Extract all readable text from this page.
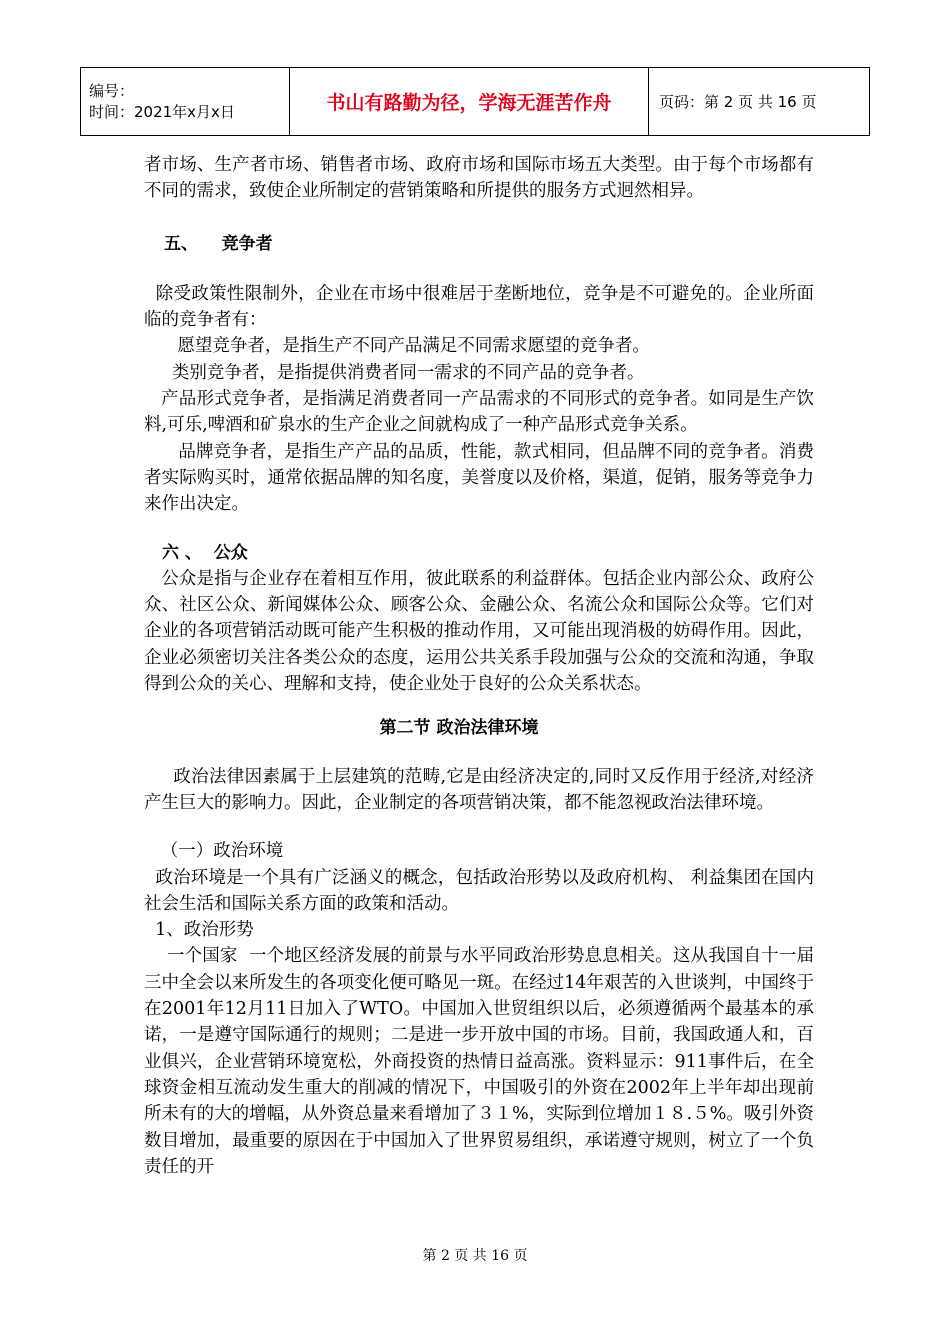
编号：
时间：2021年x月x日	书山有路勤为径，学海无涯苦作舟	页码：第 2 页 共 16 页

者市场、生产者市场、销售者市场、政府市场和国际市场五大类型。由于每个市场都有不同的需求，致使企业所制定的营销策略和所提供的服务方式迥然相异。

五、    竞争者

除受政策性限制外，企业在市场中很难居于垄断地位，竞争是不可避免的。企业所面临的竞争者有：

愿望竞争者，是指生产不同产品满足不同需求愿望的竞争者。

类别竞争者，是指提供消费者同一需求的不同产品的竞争者。

产品形式竞争者，是指满足消费者同一产品需求的不同形式的竞争者。如同是生产饮料,可乐,啤酒和矿泉水的生产企业之间就构成了一种产品形式竞争关系。

品牌竞争者，是指生产产品的品质，性能，款式相同，但品牌不同的竞争者。消费者实际购买时，通常依据品牌的知名度，美誉度以及价格，渠道，促销，服务等竞争力来作出决定。

六 、  公众

公众是指与企业存在着相互作用，彼此联系的利益群体。包括企业内部公众、政府公众、社区公众、新闻媒体公众、顾客公众、金融公众、名流公众和国际公众等。它们对企业的各项营销活动既可能产生积极的推动作用，又可能出现消极的妨碍作用。因此，企业必须密切关注各类公众的态度，运用公共关系手段加强与公众的交流和沟通，争取得到公众的关心、理解和支持，使企业处于良好的公众关系状态。

第二节 政治法律环境

政治法律因素属于上层建筑的范畴,它是由经济决定的,同时又反作用于经济,对经济产生巨大的影响力。因此，企业制定的各项营销决策，都不能忽视政治法律环境。

（一）政治环境

政治环境是一个具有广泛涵义的概念，包括政治形势以及政府机构、 利益集团在国内社会生活和国际关系方面的政策和活动。

1、政治形势

一个国家  一个地区经济发展的前景与水平同政治形势息息相关。这从我国自十一届三中全会以来所发生的各项变化便可略见一斑。在经过14年艰苦的入世谈判，中国终于在2001年12月11日加入了WTO。中国加入世贸组织以后，必须遵循两个最基本的承诺，一是遵守国际通行的规则；二是进一步开放中国的市场。目前，我国政通人和，百业俱兴，企业营销环境宽松，外商投资的热情日益高涨。资料显示：911事件后，在全球资金相互流动发生重大的削减的情况下，中国吸引的外资在2002年上半年却出现前所未有的大的增幅，从外资总量来看增加了３１%，实际到位增加１８.５%。吸引外资数目增加，最重要的原因在于中国加入了世界贸易组织，承诺遵守规则，树立了一个负责任的开

第 2 页 共 16 页
